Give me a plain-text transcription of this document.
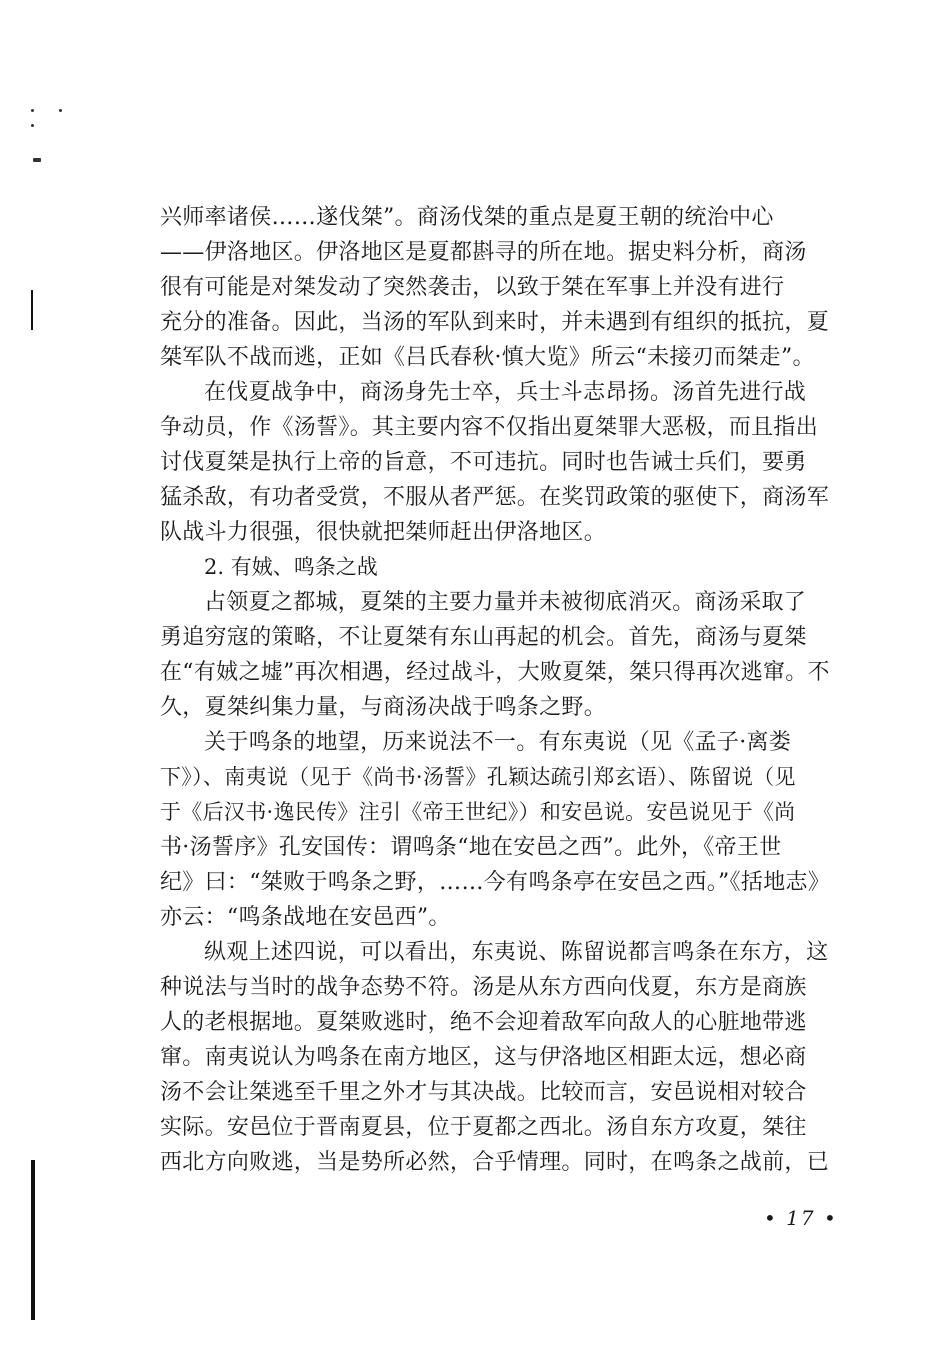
兴师率诸侯……遂伐桀”。商汤伐桀的重点是夏王朝的统治中心
——伊洛地区。伊洛地区是夏都斟寻的所在地。据史料分析，商汤
很有可能是对桀发动了突然袭击，以致于桀在军事上并没有进行
充分的准备。因此，当汤的军队到来时，并未遇到有组织的抵抗，夏
桀军队不战而逃，正如《吕氏春秋·慎大览》所云“未接刃而桀走”。
在伐夏战争中，商汤身先士卒，兵士斗志昂扬。汤首先进行战
争动员，作《汤誓》。其主要内容不仅指出夏桀罪大恶极，而且指出
讨伐夏桀是执行上帝的旨意，不可违抗。同时也告诫士兵们，要勇
猛杀敌，有功者受赏，不服从者严惩。在奖罚政策的驱使下，商汤军
队战斗力很强，很快就把桀师赶出伊洛地区。
2. 有娀、鸣条之战
占领夏之都城，夏桀的主要力量并未被彻底消灭。商汤采取了
勇追穷寇的策略，不让夏桀有东山再起的机会。首先，商汤与夏桀
在“有娀之墟”再次相遇，经过战斗，大败夏桀，桀只得再次逃窜。不
久，夏桀纠集力量，与商汤决战于鸣条之野。
关于鸣条的地望，历来说法不一。有东夷说（见《孟子·离娄
下》）、南夷说（见于《尚书·汤誓》孔颖达疏引郑玄语）、陈留说（见
于《后汉书·逸民传》注引《帝王世纪》）和安邑说。安邑说见于《尚
书·汤誓序》孔安国传：谓鸣条“地在安邑之西”。此外，《帝王世
纪》曰：“桀败于鸣条之野，……今有鸣条亭在安邑之西。”《括地志》
亦云：“鸣条战地在安邑西”。
纵观上述四说，可以看出，东夷说、陈留说都言鸣条在东方，这
种说法与当时的战争态势不符。汤是从东方西向伐夏，东方是商族
人的老根据地。夏桀败逃时，绝不会迎着敌军向敌人的心脏地带逃
窜。南夷说认为鸣条在南方地区，这与伊洛地区相距太远，想必商
汤不会让桀逃至千里之外才与其决战。比较而言，安邑说相对较合
实际。安邑位于晋南夏县，位于夏都之西北。汤自东方攻夏，桀往
西北方向败逃，当是势所必然，合乎情理。同时，在鸣条之战前，已
• 17 •
